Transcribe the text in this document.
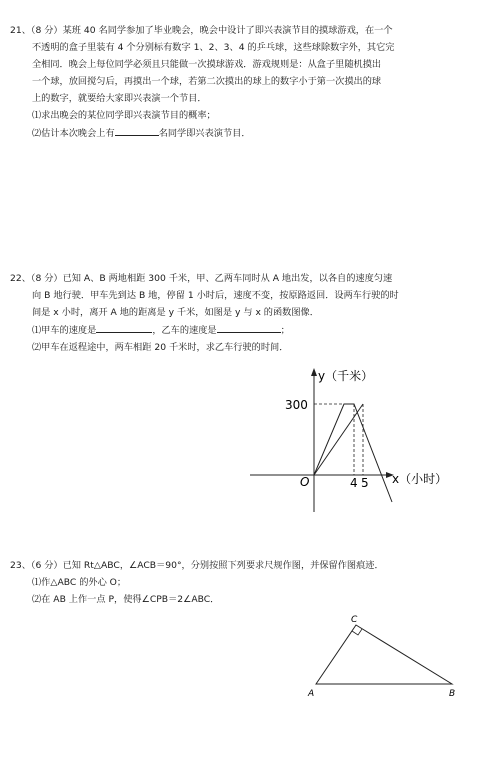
21、（8 分）某班 40 名同学参加了毕业晚会，晚会中设计了即兴表演节目的摸球游戏，在一个

不透明的盒子里装有 4 个分别标有数字 1、2、3、4 的乒乓球，这些球除数字外，其它完

全相同．晚会上每位同学必须且只能做一次摸球游戏．游戏规则是：从盒子里随机摸出

一个球，放回搅匀后，再摸出一个球，若第二次摸出的球上的数字小于第一次摸出的球

上的数字，就要给大家即兴表演一个节目．

⑴求出晚会的某位同学即兴表演节目的概率；

⑵估计本次晚会上有	名同学即兴表演节目．

22、（8 分）已知 A、B 两地相距 300 千米，甲、乙两车同时从 A 地出发，以各自的速度匀速

向 B 地行驶．甲车先到达 B 地，停留 1 小时后，速度不变，按原路返回．设两车行驶的时

间是 x 小时，离开 A 地的距离是 y 千米，如图是 y 与 x 的函数图像．

⑴甲车的速度是	，乙车的速度是	；

⑵甲车在返程途中，两车相距 20 千米时，求乙车行驶的时间．

y（千米）
x（小时）
O
300
4 5

23、（6 分）已知 Rt△ABC，∠ACB＝90°，分别按照下列要求尺规作图，并保留作图痕迹．

⑴作△ABC 的外心 O；

⑵在 AB 上作一点 P，使得∠CPB＝2∠ABC．

C
A	B
